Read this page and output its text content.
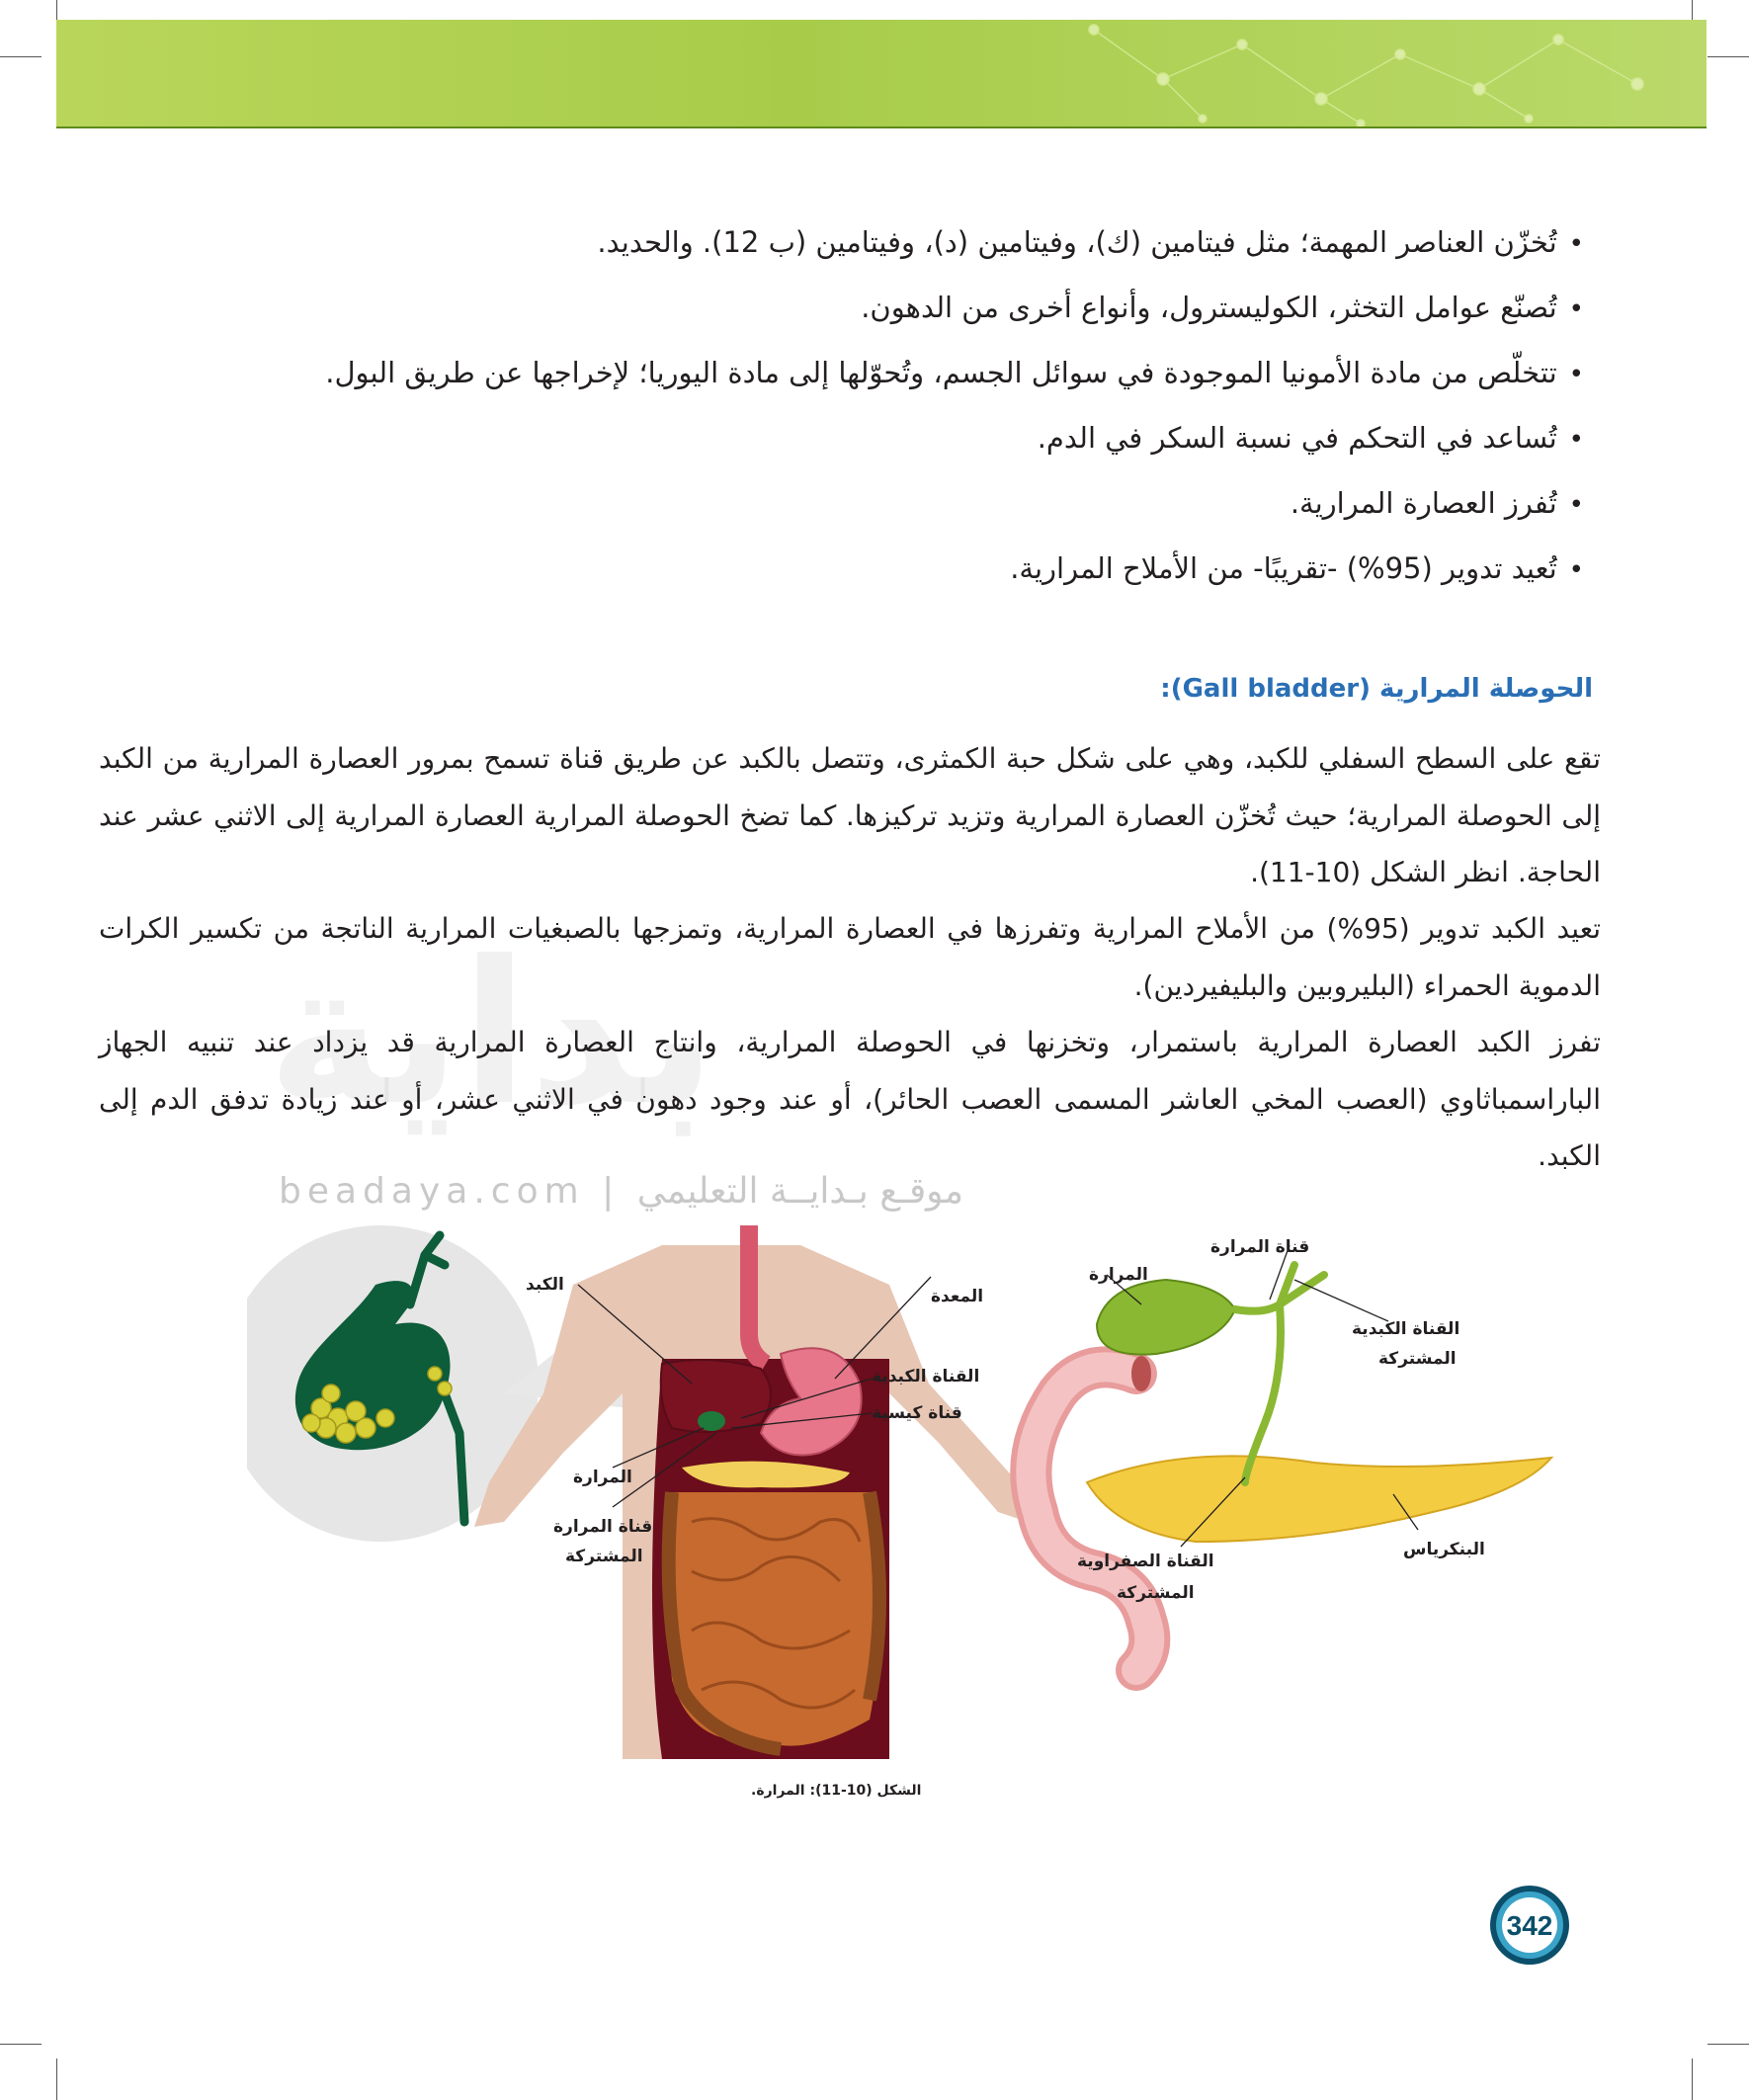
بداية
•تُخزّن العناصر المهمة؛ مثل فيتامين (ك)، وفيتامين (د)، وفيتامين (ب 12). والحديد.
•تُصنّع عوامل التخثر، الكوليسترول، وأنواع أخرى من الدهون.
•تتخلّص من مادة الأمونيا الموجودة في سوائل الجسم، وتُحوّلها إلى مادة اليوريا؛ لإخراجها عن طريق البول.
•تُساعد في التحكم في نسبة السكر في الدم.
•تُفرز العصارة المرارية.
•تُعيد تدوير (95%) -تقريبًا- من الأملاح المرارية.
الحوصلة المرارية (Gall bladder):

تقع على السطح السفلي للكبد، وهي على شكل حبة الكمثرى، وتتصل بالكبد عن طريق قناة تسمح بمرور العصارة المرارية من الكبد إلى الحوصلة المرارية؛ حيث تُخزّن العصارة المرارية وتزيد تركيزها. كما تضخ الحوصلة المرارية العصارة المرارية إلى الاثني عشر عند الحاجة. انظر الشكل (10-11).

تعيد الكبد تدوير (95%) من الأملاح المرارية وتفرزها في العصارة المرارية، وتمزجها بالصبغيات المرارية الناتجة من تكسير الكرات الدموية الحمراء (البليروبين والبليفيردين).

تفرز الكبد العصارة المرارية باستمرار، وتخزنها في الحوصلة المرارية، وانتاج العصارة المرارية قد يزداد عند تنبيه الجهاز الباراسمباثاوي (العصب المخي العاشر المسمى العصب الحائر)، أو عند وجود دهون في الاثني عشر، أو عند زيادة تدفق الدم إلى الكبد.

beadaya.com | موقـع بـدايــة التعليمي
الكبد
المعدة
القناة الكبدية
قناة كيسية
المرارة
قناة المرارة
المشتركة
المرارة
قناة المرارة
القناة الكبدية
المشتركة
البنكرياس
القناة الصفراوية
المشتركة
الشكل (10-11): المرارة.
342
